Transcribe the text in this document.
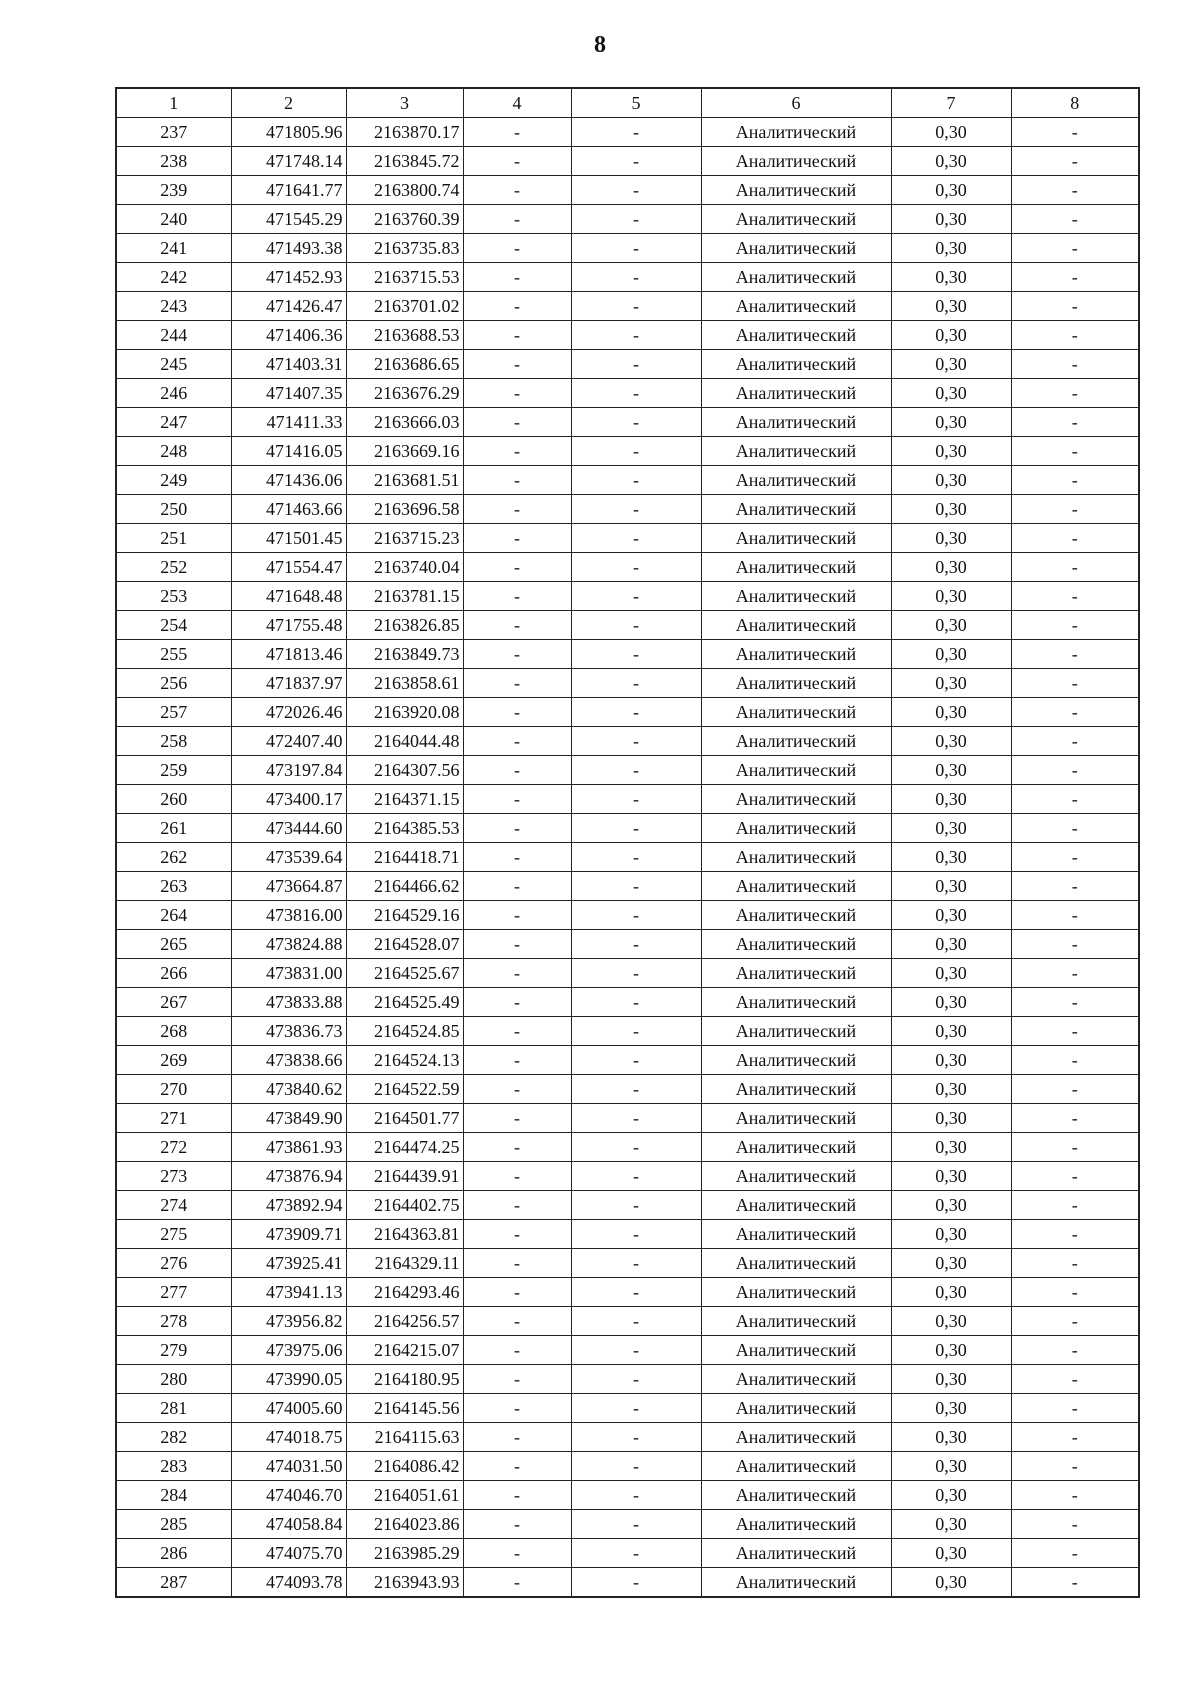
8
1	2	3	4	5	6	7	8
237	471805.96	2163870.17	-	-	Аналитический	0,30	-
238	471748.14	2163845.72	-	-	Аналитический	0,30	-
239	471641.77	2163800.74	-	-	Аналитический	0,30	-
240	471545.29	2163760.39	-	-	Аналитический	0,30	-
241	471493.38	2163735.83	-	-	Аналитический	0,30	-
242	471452.93	2163715.53	-	-	Аналитический	0,30	-
243	471426.47	2163701.02	-	-	Аналитический	0,30	-
244	471406.36	2163688.53	-	-	Аналитический	0,30	-
245	471403.31	2163686.65	-	-	Аналитический	0,30	-
246	471407.35	2163676.29	-	-	Аналитический	0,30	-
247	471411.33	2163666.03	-	-	Аналитический	0,30	-
248	471416.05	2163669.16	-	-	Аналитический	0,30	-
249	471436.06	2163681.51	-	-	Аналитический	0,30	-
250	471463.66	2163696.58	-	-	Аналитический	0,30	-
251	471501.45	2163715.23	-	-	Аналитический	0,30	-
252	471554.47	2163740.04	-	-	Аналитический	0,30	-
253	471648.48	2163781.15	-	-	Аналитический	0,30	-
254	471755.48	2163826.85	-	-	Аналитический	0,30	-
255	471813.46	2163849.73	-	-	Аналитический	0,30	-
256	471837.97	2163858.61	-	-	Аналитический	0,30	-
257	472026.46	2163920.08	-	-	Аналитический	0,30	-
258	472407.40	2164044.48	-	-	Аналитический	0,30	-
259	473197.84	2164307.56	-	-	Аналитический	0,30	-
260	473400.17	2164371.15	-	-	Аналитический	0,30	-
261	473444.60	2164385.53	-	-	Аналитический	0,30	-
262	473539.64	2164418.71	-	-	Аналитический	0,30	-
263	473664.87	2164466.62	-	-	Аналитический	0,30	-
264	473816.00	2164529.16	-	-	Аналитический	0,30	-
265	473824.88	2164528.07	-	-	Аналитический	0,30	-
266	473831.00	2164525.67	-	-	Аналитический	0,30	-
267	473833.88	2164525.49	-	-	Аналитический	0,30	-
268	473836.73	2164524.85	-	-	Аналитический	0,30	-
269	473838.66	2164524.13	-	-	Аналитический	0,30	-
270	473840.62	2164522.59	-	-	Аналитический	0,30	-
271	473849.90	2164501.77	-	-	Аналитический	0,30	-
272	473861.93	2164474.25	-	-	Аналитический	0,30	-
273	473876.94	2164439.91	-	-	Аналитический	0,30	-
274	473892.94	2164402.75	-	-	Аналитический	0,30	-
275	473909.71	2164363.81	-	-	Аналитический	0,30	-
276	473925.41	2164329.11	-	-	Аналитический	0,30	-
277	473941.13	2164293.46	-	-	Аналитический	0,30	-
278	473956.82	2164256.57	-	-	Аналитический	0,30	-
279	473975.06	2164215.07	-	-	Аналитический	0,30	-
280	473990.05	2164180.95	-	-	Аналитический	0,30	-
281	474005.60	2164145.56	-	-	Аналитический	0,30	-
282	474018.75	2164115.63	-	-	Аналитический	0,30	-
283	474031.50	2164086.42	-	-	Аналитический	0,30	-
284	474046.70	2164051.61	-	-	Аналитический	0,30	-
285	474058.84	2164023.86	-	-	Аналитический	0,30	-
286	474075.70	2163985.29	-	-	Аналитический	0,30	-
287	474093.78	2163943.93	-	-	Аналитический	0,30	-
